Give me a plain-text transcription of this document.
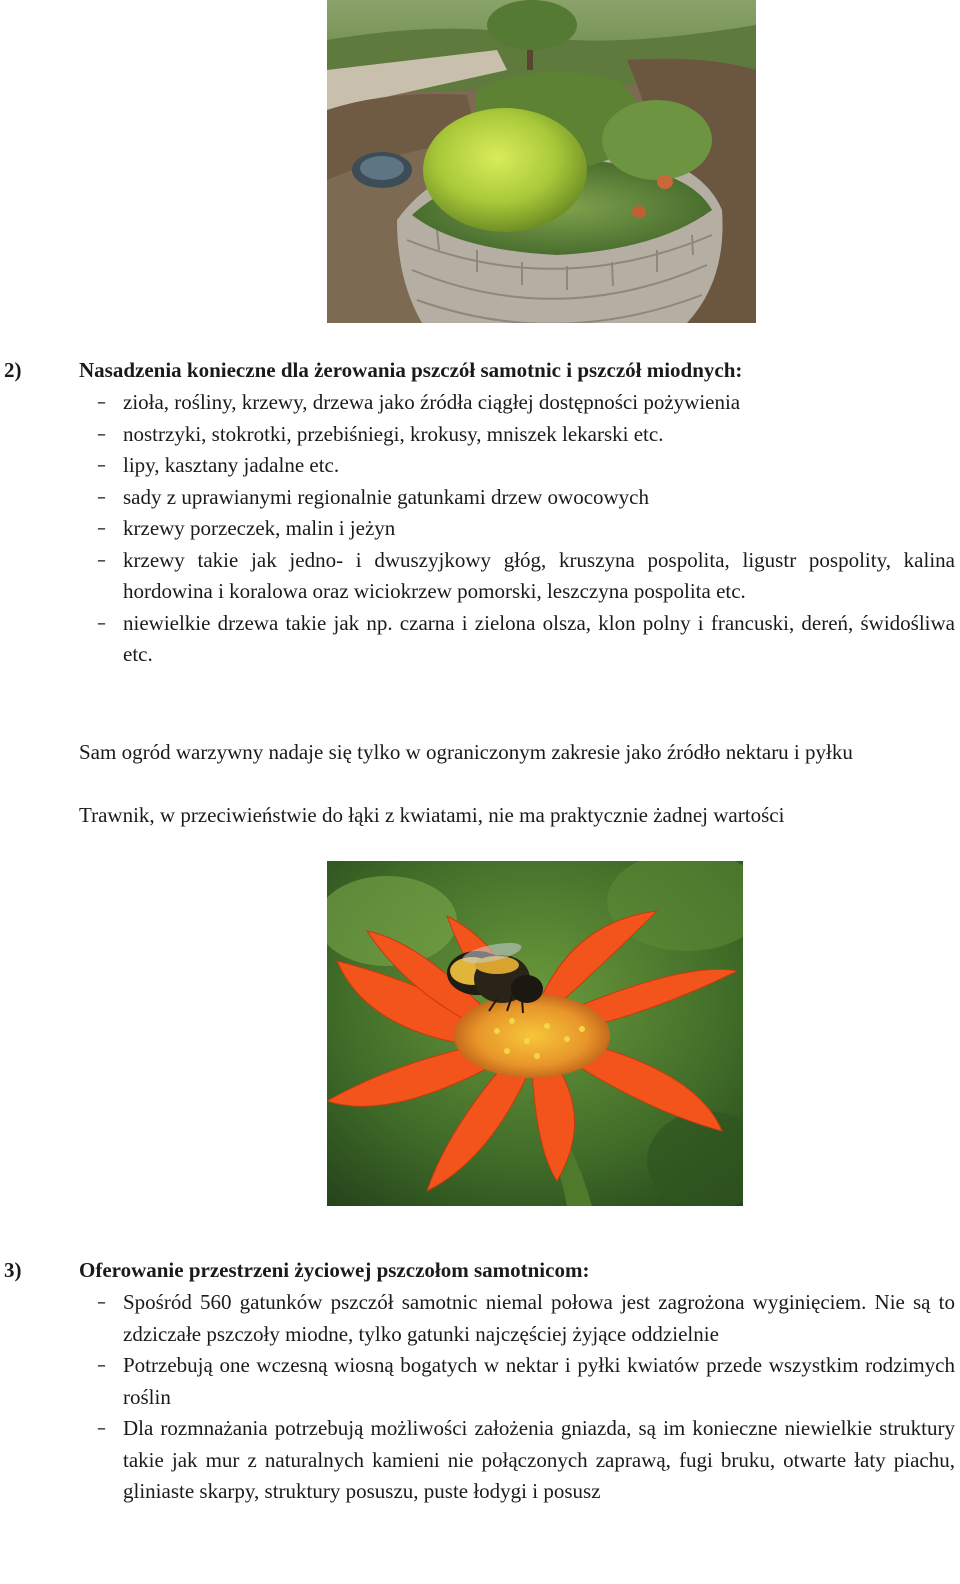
2)	Nasadzenia konieczne dla żerowania pszczół samotnic i pszczół miodnych:
– zioła, rośliny, krzewy, drzewa jako źródła ciągłej dostępności pożywienia
– nostrzyki, stokrotki, przebiśniegi, krokusy, mniszek lekarski etc.
– lipy, kasztany jadalne etc.
– sady z uprawianymi regionalnie gatunkami drzew owocowych
– krzewy porzeczek, malin i jeżyn
– krzewy takie jak jedno- i dwuszyjkowy głóg, kruszyna pospolita, ligustr pospolity, kalina hordowina i koralowa oraz wiciokrzew pomorski, leszczyna pospolita etc.
– niewielkie drzewa takie jak np. czarna i zielona olsza, klon polny i francuski, dereń, świdośliwa etc.
Sam ogród warzywny nadaje się tylko w ograniczonym zakresie jako źródło nektaru i pyłku
Trawnik, w przeciwieństwie do łąki z kwiatami, nie ma praktycznie żadnej wartości
3)	Oferowanie przestrzeni życiowej pszczołom samotnicom:
– Spośród 560 gatunków pszczół samotnic niemal połowa jest zagrożona wyginięciem. Nie są to zdziczałe pszczoły miodne, tylko gatunki najczęściej żyjące oddzielnie
– Potrzebują one wczesną wiosną bogatych w nektar i pyłki kwiatów przede wszystkim rodzimych roślin
– Dla rozmnażania potrzebują możliwości założenia gniazda, są im konieczne niewielkie struktury takie jak mur z naturalnych kamieni nie połączonych zaprawą, fugi bruku, otwarte łaty piachu, gliniaste skarpy, struktury posuszu, puste łodygi i posusz
